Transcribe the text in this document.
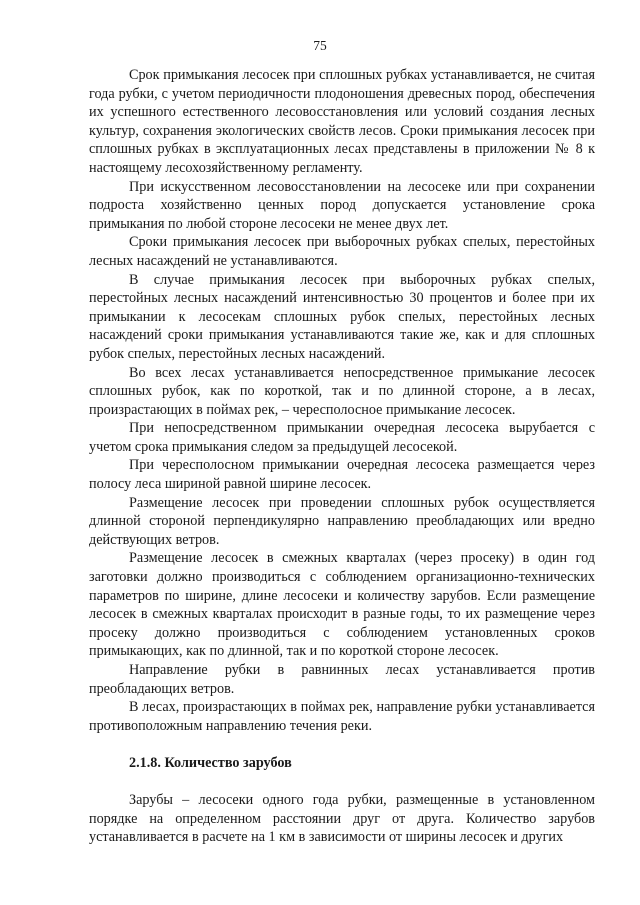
75

Срок примыкания лесосек при сплошных рубках устанавливается, не считая года рубки, с учетом периодичности плодоношения древесных пород, обеспечения их успешного естественного лесовосстановления или условий создания лесных культур, сохранения экологических свойств лесов. Сроки примыкания лесосек при сплошных рубках в эксплуатационных лесах представлены в приложении № 8 к настоящему лесохозяйственному регламенту.

При искусственном лесовосстановлении на лесосеке или при сохранении подроста хозяйственно ценных пород допускается установление срока примыкания по любой стороне лесосеки не менее двух лет.

Сроки примыкания лесосек при выборочных рубках спелых, перестойных лесных насаждений не устанавливаются.

В случае примыкания лесосек при выборочных рубках спелых, перестойных лесных насаждений интенсивностью 30 процентов и более при их примыкании к лесосекам сплошных рубок спелых, перестойных лесных насаждений сроки примыкания устанавливаются такие же, как и для сплошных рубок спелых, перестойных лесных насаждений.

Во всех лесах устанавливается непосредственное примыкание лесосек сплошных рубок, как по короткой, так и по длинной стороне, а в лесах, произрастающих в поймах рек, – чересполосное примыкание лесосек.

При непосредственном примыкании очередная лесосека вырубается с учетом срока примыкания следом за предыдущей лесосекой.

При чересполосном примыкании очередная лесосека размещается через полосу леса шириной равной ширине лесосек.

Размещение лесосек при проведении сплошных рубок осуществляется длинной стороной перпендикулярно направлению преобладающих или вредно действующих ветров.

Размещение лесосек в смежных кварталах (через просеку) в один год заготовки должно производиться с соблюдением организационно-технических параметров по ширине, длине лесосеки и количеству зарубов. Если размещение лесосек в смежных кварталах происходит в разные годы, то их размещение через просеку должно производиться с соблюдением установленных сроков примыкающих, как по длинной, так и по короткой стороне лесосек.

Направление рубки в равнинных лесах устанавливается против преобладающих ветров.

В лесах, произрастающих в поймах рек, направление рубки устанавливается противоположным направлению течения реки.

2.1.8. Количество зарубов

Зарубы – лесосеки одного года рубки, размещенные в установленном порядке на определенном расстоянии друг от друга. Количество зарубов устанавливается в расчете на 1 км в зависимости от ширины лесосек и других
